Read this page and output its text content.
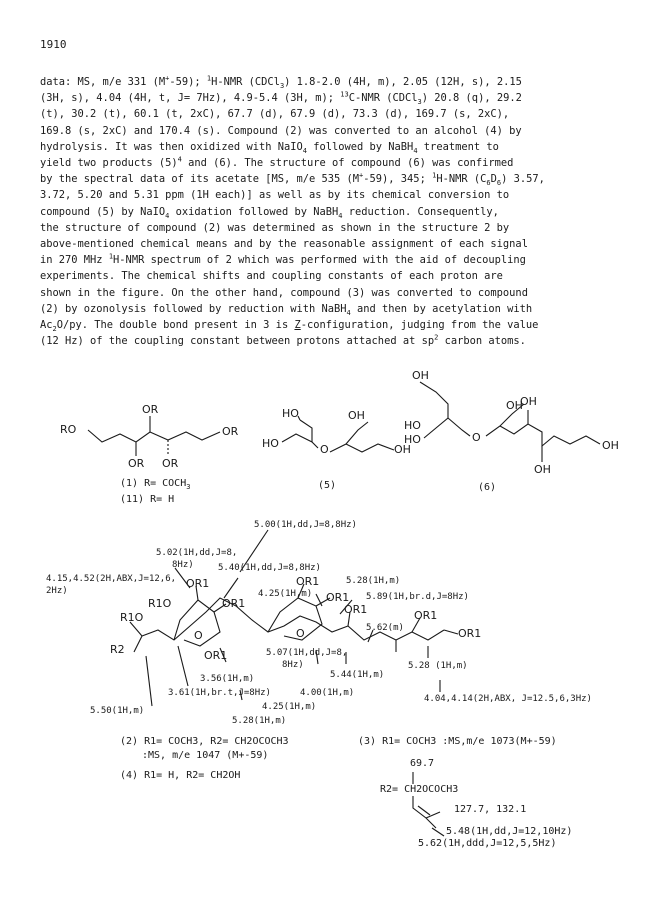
1910
data: MS, m/e 331 (M+-59); $^1$H-NMR (CDCl$_3$) 1.8-2.0 (4H, m), 2.05 (12H, s), 2.15
(3H, s), 4.04 (4H, t, J= 7Hz), 4.9-5.4 (3H, m); $^{13}$C-NMR (CDCl$_3$) 20.8 (q), 29.2
(t), 30.2 (t), 60.1 (t, 2xC), 67.7 (d), 67.9 (d), 73.3 (d), 169.7 (s, 2xC),
169.8 (s, 2xC) and 170.4 (s). Compound (2) was converted to an alcohol (4) by
hydrolysis. It was then oxidized with NaIO$_4$ followed by NaBH$_4$ treatment to
yield two products $(5)^4$ and (6). The structure of compound (6) was confirmed
by the spectral data of its acetate [MS, m/e 535 (M+-59), 345; $^1$H-NMR $(C_6D_6)$ 3.57,
3.72, 5.20 and 5.31 ppm (1H each)] as well as by its chemical conversion to
compound (5) by NaIO$_4$ oxidation followed by NaBH$_4$ reduction. Consequently,
the structure of compound (2) was determined as shown in the structure 2 by
above-mentioned chemical means and by the reasonable assignment of each signal
in 270 MHz $^1$H-NMR spectrum of 2 which was performed with the aid of decoupling
experiments. The chemical shifts and coupling constants of each proton are
shown in the figure. On the other hand, compound (3) was converted to compound
(2) by ozonolysis followed by reduction with NaBH$_4$ and then by acetylation with
$Ac_2O/py$. The double bond present in 3 is Z-configuration, judging from the value
(12 Hz) of the coupling constant between protons attached at $sp^2$ carbon atoms.
RO
OR
OR
OR OR
(1) $R= COCH_3$
(11) R= H
HO	OH
HO	O	OH
(5)
OH
OH
OH
HO
HO	O
OH
OH
(6)
OR1
OR1
OR1
OR1
OR1	OR1
OR1
OR1
R1O
R1O
R2
O	O
5.00(1H,dd,J=8,8Hz)
5.02(1H,dd,J=8,
8Hz)	5.40(1H,dd,J=8,8Hz)
4.15,4.52(2H,ABX,J=12,6,
2Hz)
5.28(1H,m)
4.25(1H,m)	5.89(1H,br.d,J=8Hz)
5.62(m)
5.07(1H,dd,J=8,
8Hz)
3.56(1H,m)	5.44(1H,m)
5.28 (1H,m)
3.61(1H,br.t,J=8Hz)	4.00(1H,m)
4.04,4.14(2H,ABX, J=12.5,6,3Hz)
5.50(1H,m)	4.25(1H,m)
5.28(1H,m)
(2) R1= COCH3, R2= CH2OCOCH3
:MS, m/e 1047 (M+-59)
(4) R1= H, R2= CH2OH
(3) R1= COCH3 :MS,m/e 1073(M+-59)
69.7
R2= CH2OCOCH3
127.7, 132.1
5.48(1H,dd,J=12,10Hz)
5.62(1H,ddd,J=12,5,5Hz)
